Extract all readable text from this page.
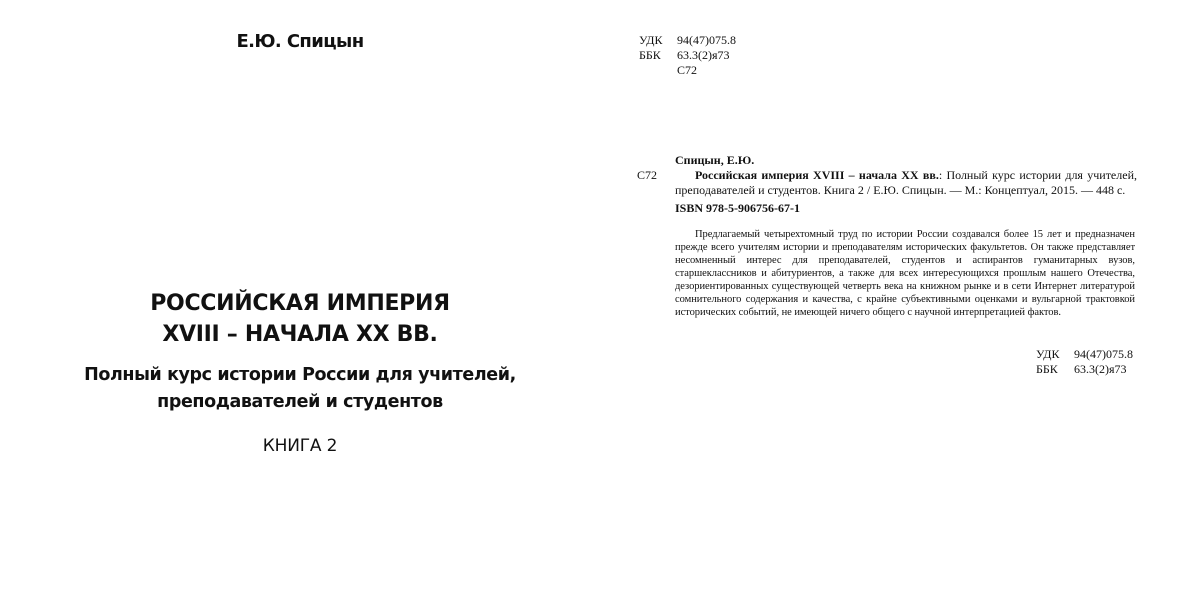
Е.Ю. Спицын
РОССИЙСКАЯ ИМПЕРИЯ
XVIII – НАЧАЛА XX ВВ.
Полный курс истории России для учителей,
преподавателей и студентов
КНИГА 2
УДК	94(47)075.8
ББК	63.3(2)я73
С72
С72
Спицын, Е.Ю.
Российская империя XVIII – начала XX вв.: Полный курс истории для учителей, преподавателей и студентов. Книга 2 / Е.Ю. Спицын. — М.: Концептуал, 2015. — 448 с.
ISBN 978-5-906756-67-1
Предлагаемый четырехтомный труд по истории России создавался более 15 лет и предназначен прежде всего учителям истории и преподавателям исторических факультетов. Он также представляет несомненный интерес для преподавателей, студентов и аспирантов гуманитарных вузов, старшеклассников и абитуриентов, а также для всех интересующихся прошлым нашего Отечества, дезориентированных существующей четверть века на книжном рынке и в сети Интернет литературой сомнительного содержания и качества, с крайне субъективными оценками и вульгарной трактовкой исторических событий, не имеющей ничего общего с научной интерпретацией фактов.
УДК	94(47)075.8
ББК	63.3(2)я73
